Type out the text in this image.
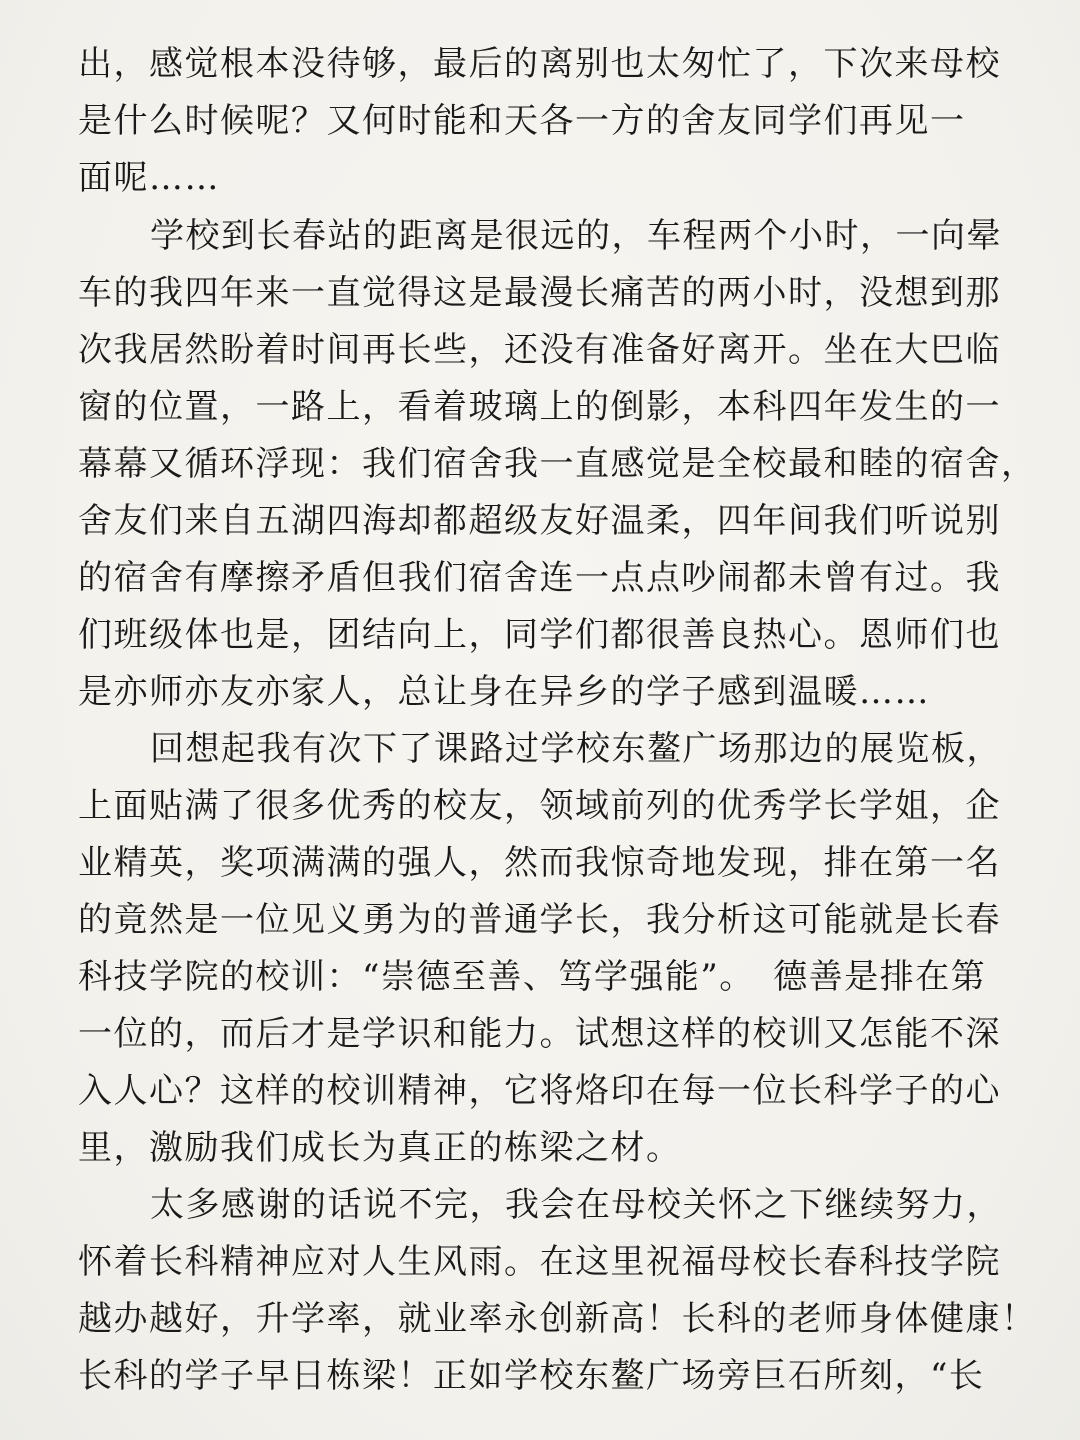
出，感觉根本没待够，最后的离别也太匆忙了，下次来母校
是什么时候呢？又何时能和天各一方的舍友同学们再见一
面呢……
学校到长春站的距离是很远的，车程两个小时，一向晕
车的我四年来一直觉得这是最漫长痛苦的两小时，没想到那
次我居然盼着时间再长些，还没有准备好离开。坐在大巴临
窗的位置，一路上，看着玻璃上的倒影，本科四年发生的一
幕幕又循环浮现：我们宿舍我一直感觉是全校最和睦的宿舍，
舍友们来自五湖四海却都超级友好温柔，四年间我们听说别
的宿舍有摩擦矛盾但我们宿舍连一点点吵闹都未曾有过。我
们班级体也是，团结向上，同学们都很善良热心。恩师们也
是亦师亦友亦家人，总让身在异乡的学子感到温暖……
回想起我有次下了课路过学校东鳌广场那边的展览板，
上面贴满了很多优秀的校友，领域前列的优秀学长学姐，企
业精英，奖项满满的强人，然而我惊奇地发现，排在第一名
的竟然是一位见义勇为的普通学长，我分析这可能就是长春
科技学院的校训：“崇德至善、笃学强能”。　德善是排在第
一位的，而后才是学识和能力。试想这样的校训又怎能不深
入人心？这样的校训精神，它将烙印在每一位长科学子的心
里，激励我们成长为真正的栋梁之材。
太多感谢的话说不完，我会在母校关怀之下继续努力，
怀着长科精神应对人生风雨。在这里祝福母校长春科技学院
越办越好，升学率，就业率永创新高！长科的老师身体健康！
长科的学子早日栋梁！正如学校东鳌广场旁巨石所刻，“长
